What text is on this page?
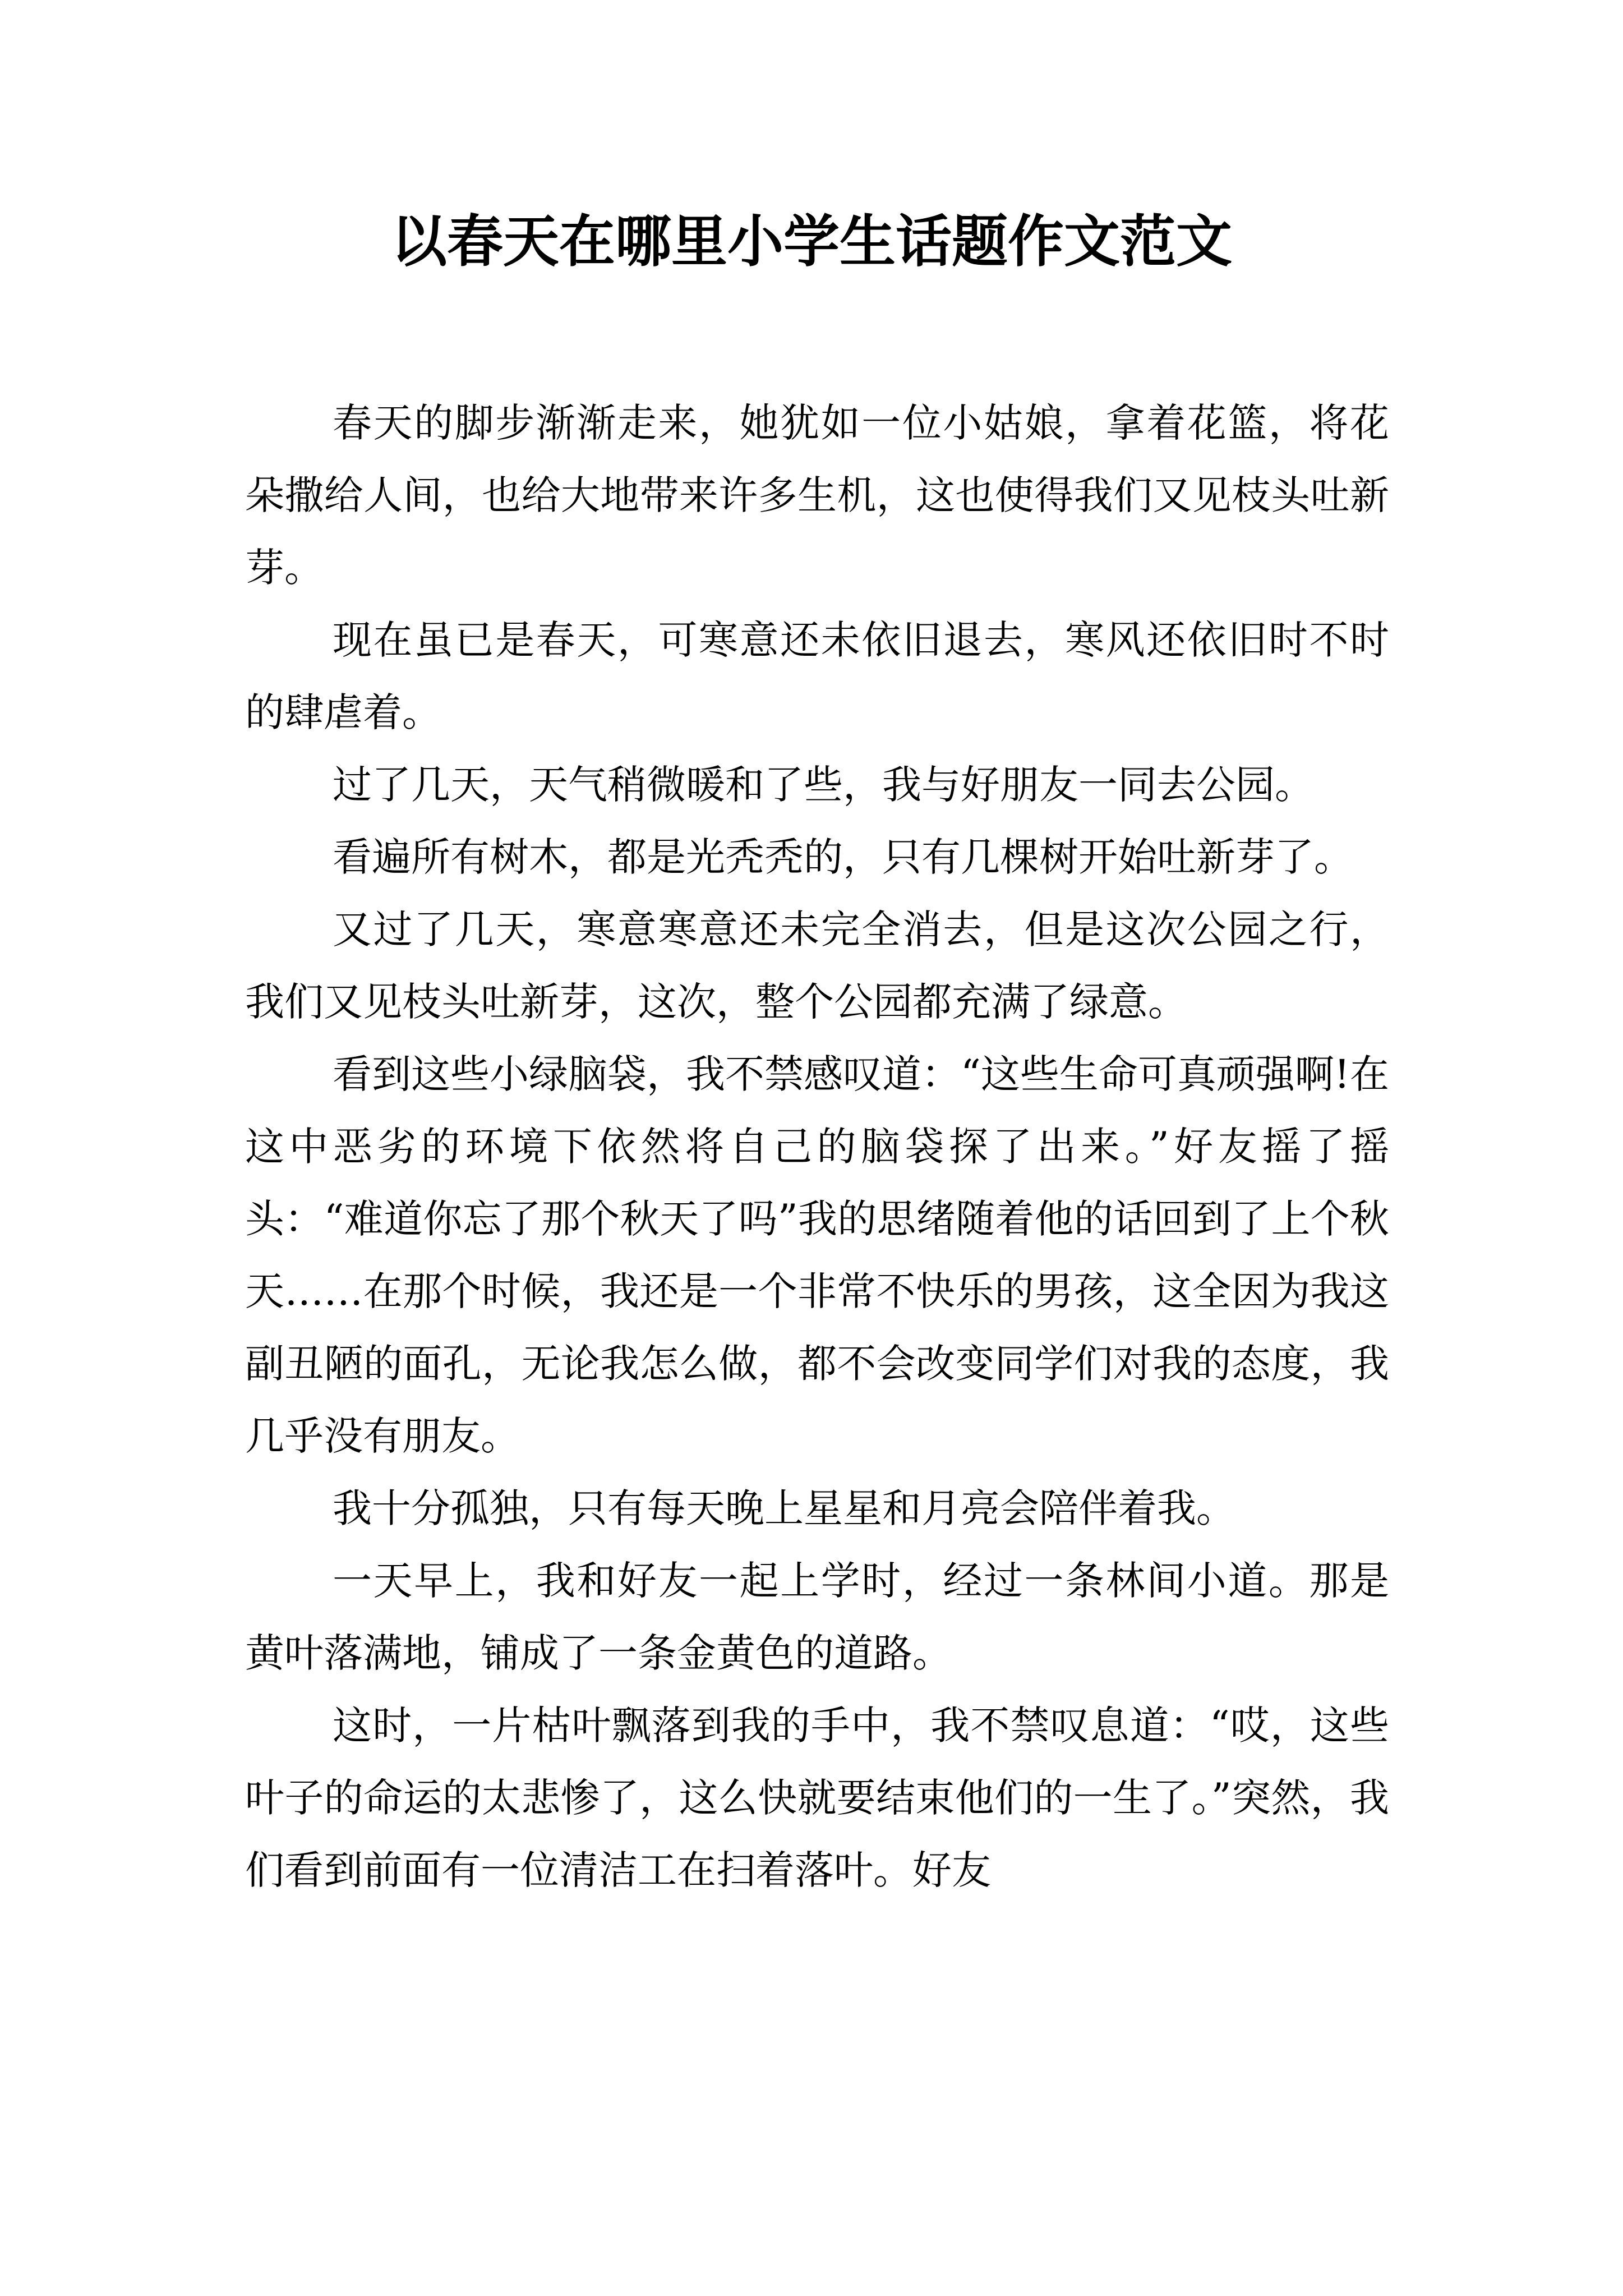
以春天在哪里小学生话题作文范文

春天的脚步渐渐走来，她犹如一位小姑娘，拿着花篮，将花朵撒给人间，也给大地带来许多生机，这也使得我们又见枝头吐新芽。

现在虽已是春天，可寒意还未依旧退去，寒风还依旧时不时的肆虐着。

过了几天，天气稍微暖和了些，我与好朋友一同去公园。

看遍所有树木，都是光秃秃的，只有几棵树开始吐新芽了。

又过了几天，寒意寒意还未完全消去，但是这次公园之行，我们又见枝头吐新芽，这次，整个公园都充满了绿意。

看到这些小绿脑袋，我不禁感叹道：“这些生命可真顽强啊!在这中恶劣的环境下依然将自己的脑袋探了出来。”好友摇了摇头：“难道你忘了那个秋天了吗”我的思绪随着他的话回到了上个秋天……在那个时候，我还是一个非常不快乐的男孩，这全因为我这副丑陋的面孔，无论我怎么做，都不会改变同学们对我的态度，我几乎没有朋友。

我十分孤独，只有每天晚上星星和月亮会陪伴着我。

一天早上，我和好友一起上学时，经过一条林间小道。那是黄叶落满地，铺成了一条金黄色的道路。

这时，一片枯叶飘落到我的手中，我不禁叹息道：“哎，这些叶子的命运的太悲惨了，这么快就要结束他们的一生了。”突然，我们看到前面有一位清洁工在扫着落叶。好友
